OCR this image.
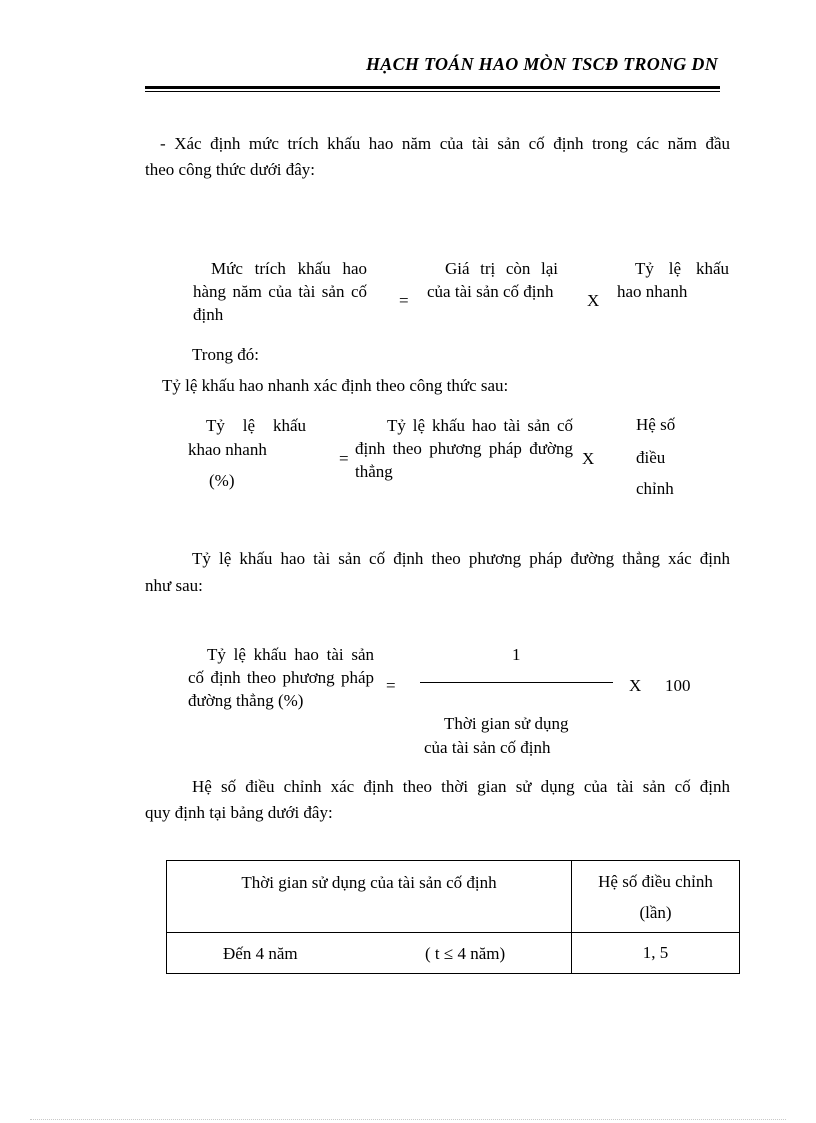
HẠCH TOÁN HAO MÒN TSCĐ TRONG DN
- Xác định mức trích khấu hao năm của tài sản cố định trong các năm đầu
theo công thức dưới đây:
Mức trích khấu hao hàng năm của tài sản cố định
=
Giá trị còn lại của tài sản cố định X
Tỷ lệ khấu hao nhanh
Trong đó:
Tỷ lệ khấu hao nhanh xác định theo công thức sau:
Tỷ lệ khấu khao nhanh
(%)
=
Tỷ lệ khấu hao tài sản cố định theo phương pháp đường thẳng
X
Hệ số
điều
chỉnh
Tỷ lệ khấu hao tài sản cố định theo phương pháp đường thẳng xác định
như sau:
Tỷ lệ khấu hao tài sản cố định theo phương pháp đường thẳng (%)
=
1
Thời gian sử dụng
của tài sản cố định
X 100
Hệ số điều chỉnh xác định theo thời gian sử dụng của tài sản cố định
quy định tại bảng dưới đây:
Thời gian sử dụng của tài sản cố định	Hệ số điều chỉnh
(lần)

Đến 4 năm ( t ≤ 4 năm)	1, 5
